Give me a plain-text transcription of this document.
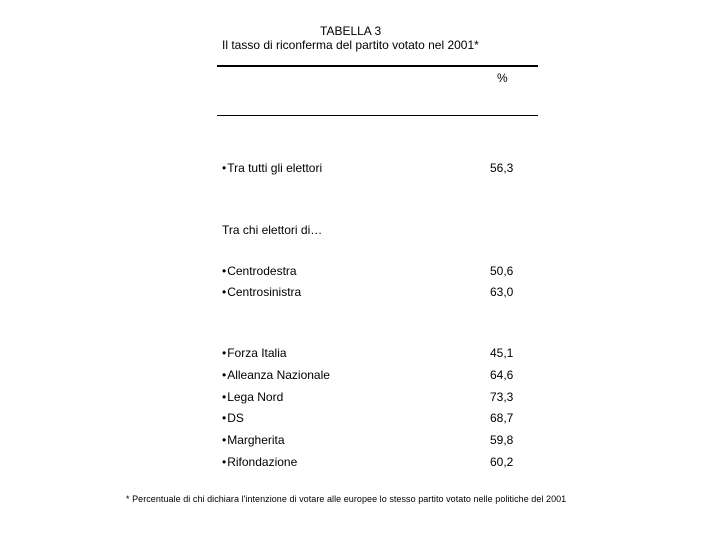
TABELLA 3
Il tasso di riconferma del partito votato nel 2001*
%
• Tra tutti gli elettori	56,3
Tra chi elettori di…
• Centrodestra	50,6
• Centrosinistra	63,0
• Forza Italia	45,1
• Alleanza Nazionale	64,6
• Lega Nord	73,3
• DS	68,7
• Margherita	59,8
• Rifondazione	60,2
* Percentuale di chi dichiara l'intenzione di votare alle europee lo stesso partito votato nelle politiche del 2001
